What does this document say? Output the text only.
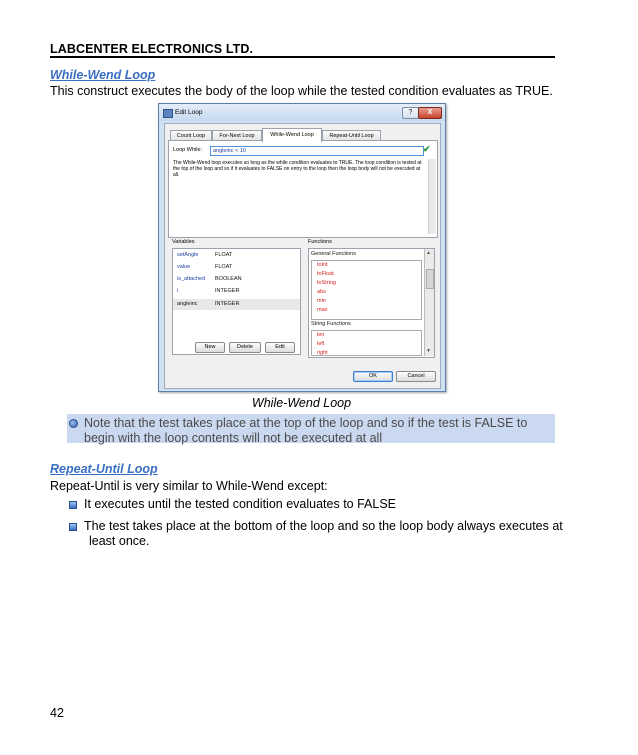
LABCENTER ELECTRONICS LTD.
While-Wend Loop
This construct executes the body of the loop while the tested condition evaluates as TRUE.
Edit Loop	?	X
Count Loop	For-Next Loop	While-Wend Loop	Repeat-Until Loop
Loop While:	angleinc < 10	✔
The While-Wend loop executes so long as the while condition evaluates to TRUE. The loop condition is tested at the top of the loop and so if it evaluates to FALSE on entry to the loop then the loop body will not be executed at all.
Variables
setAngle	FLOAT
value	FLOAT
is_attached BOOLEAN
i	INTEGER
angleinc	INTEGER
New	Delete	Edit
Functions
General Functions
toInt
toFloat
toString
abs
min
max
String Functions
len
left
right
▲
▼
OK	Cancel
While-Wend Loop
Note that the test takes place at the top of the loop and so if the test is FALSE to begin with the loop contents will not be executed at all
Repeat-Until Loop
Repeat-Until is very similar to While-Wend except:
It executes until the tested condition evaluates to FALSE
The test takes place at the bottom of the loop and so the loop body always executes at
least once.
42
